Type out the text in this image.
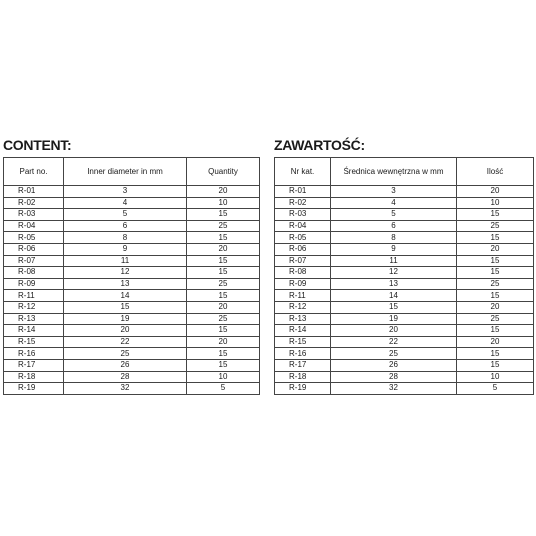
CONTENT:
Part no.	Inner diameter in mm	Quantity
R-01	3	20
R-02	4	10
R-03	5	15
R-04	6	25
R-05	8	15
R-06	9	20
R-07	11	15
R-08	12	15
R-09	13	25
R-11	14	15
R-12	15	20
R-13	19	25
R-14	20	15
R-15	22	20
R-16	25	15
R-17	26	15
R-18	28	10
R-19	32	5
ZAWARTOŚĆ:
Nr kat.	Średnica wewnętrzna w mm	Ilość
R-01	3	20
R-02	4	10
R-03	5	15
R-04	6	25
R-05	8	15
R-06	9	20
R-07	11	15
R-08	12	15
R-09	13	25
R-11	14	15
R-12	15	20
R-13	19	25
R-14	20	15
R-15	22	20
R-16	25	15
R-17	26	15
R-18	28	10
R-19	32	5
